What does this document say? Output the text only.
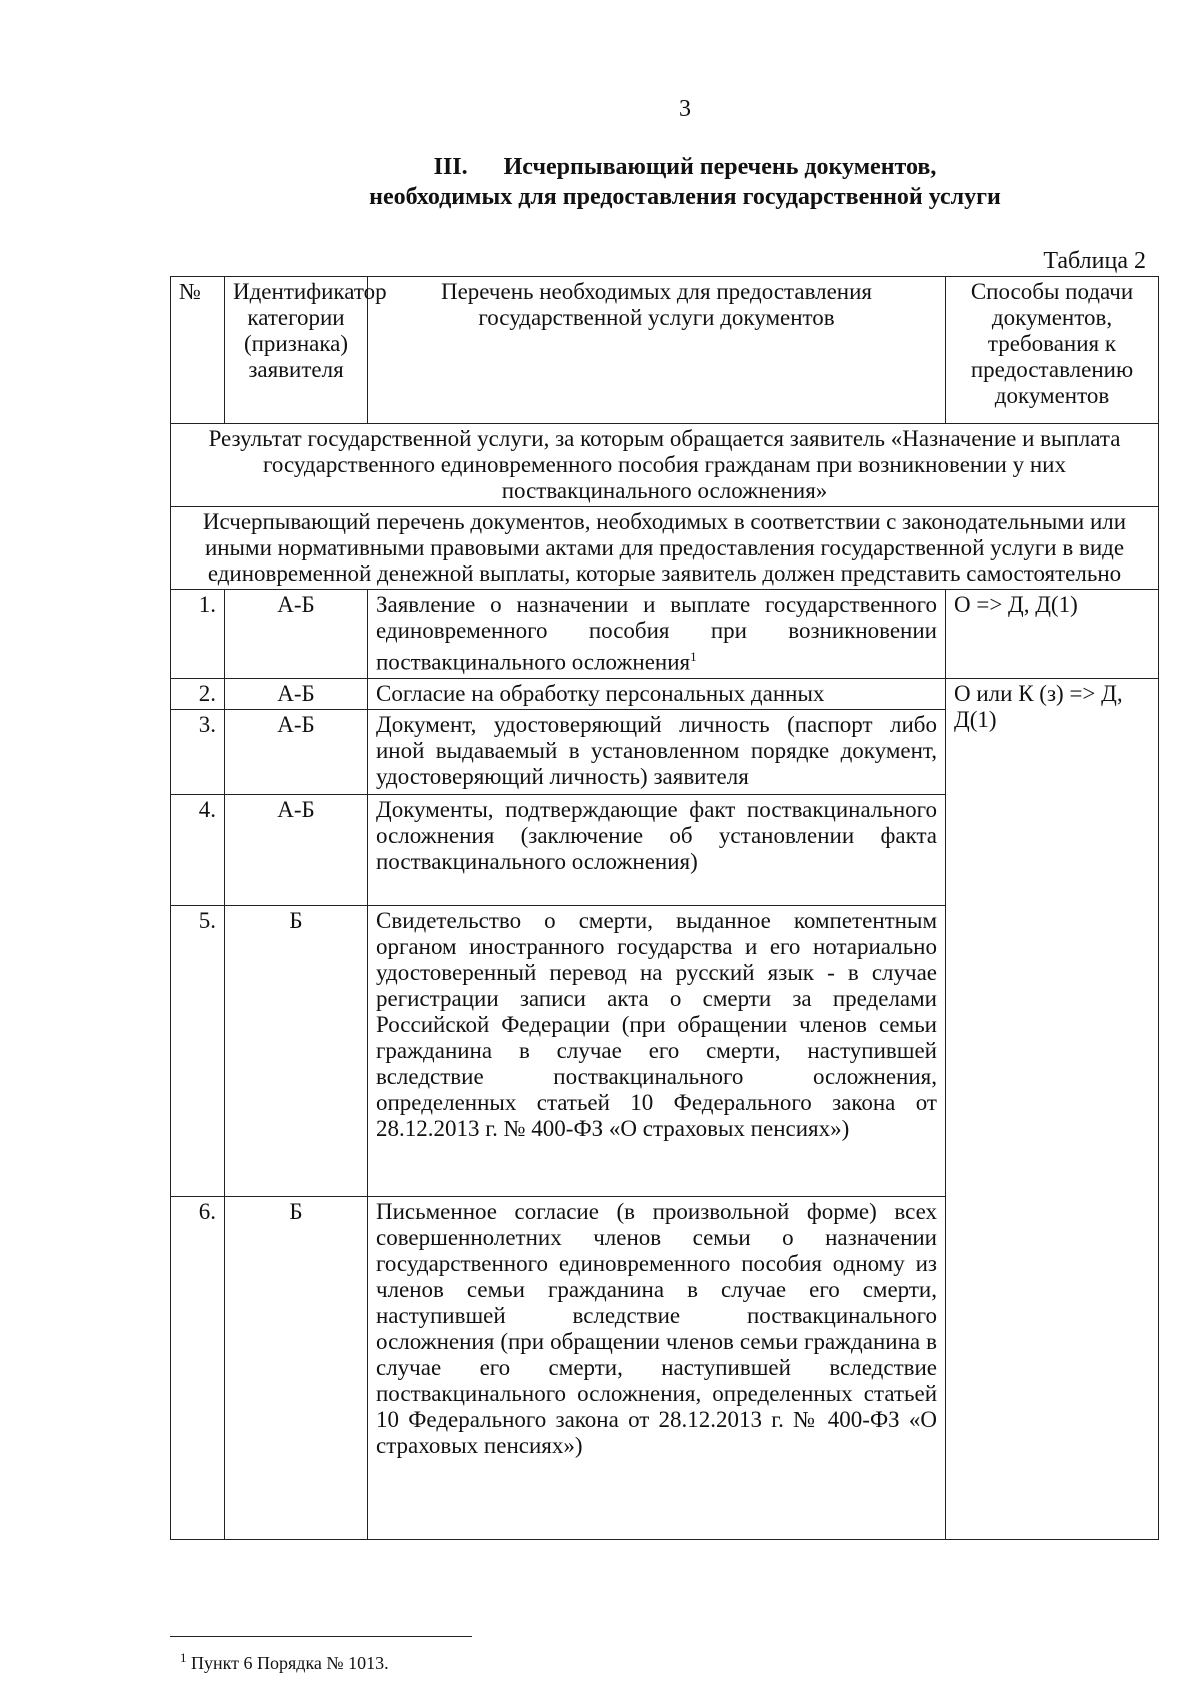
3
III. Исчерпывающий перечень документов,
необходимых для предоставления государственной услуги
Таблица 2
№	Идентификатор категории (признака) заявителя	Перечень необходимых для предоставления государственной услуги документов	Способы подачи документов, требования к предоставлению документов
Результат государственной услуги, за которым обращается заявитель «Назначение и выплата государственного единовременного пособия гражданам при возникновении у них поствакцинального осложнения»			
Исчерпывающий перечень документов, необходимых в соответствии с законодательными или иными нормативными правовыми актами для предоставления государственной услуги в виде единовременной денежной выплаты, которые заявитель должен представить самостоятельно			
1.	А-Б	Заявление о назначении и выплате государственного единовременного пособия при возникновении поствакцинального осложнения$^1$	О => Д, Д(1)
2.	А-Б	Согласие на обработку персональных данных	О или К (з) => Д, Д(1)
3.	А-Б	Документ, удостоверяющий личность (паспорт либо иной выдаваемый в установленном порядке документ, удостоверяющий личность) заявителя	
4.	А-Б	Документы, подтверждающие факт поствакцинального осложнения (заключение об установлении факта поствакцинального осложнения)	
5.	Б	Свидетельство о смерти, выданное компетентным органом иностранного государства и его нотариально удостоверенный перевод на русский язык - в случае регистрации записи акта о смерти за пределами Российской Федерации (при обращении членов семьи гражданина в случае его смерти, наступившей вследствие поствакцинального осложнения, определенных статьей 10 Федерального закона от 28.12.2013 г. № 400-ФЗ «О страховых пенсиях»)	
6.	Б	Письменное согласие (в произвольной форме) всех совершеннолетних членов семьи о назначении государственного единовременного пособия одному из членов семьи гражданина в случае его смерти, наступившей вследствие поствакцинального осложнения (при обращении членов семьи гражданина в случае его смерти, наступившей вследствие поствакцинального осложнения, определенных статьей 10 Федерального закона от 28.12.2013 г. № 400-ФЗ «О страховых пенсиях»)	
$^1$ Пункт 6 Порядка № 1013.
